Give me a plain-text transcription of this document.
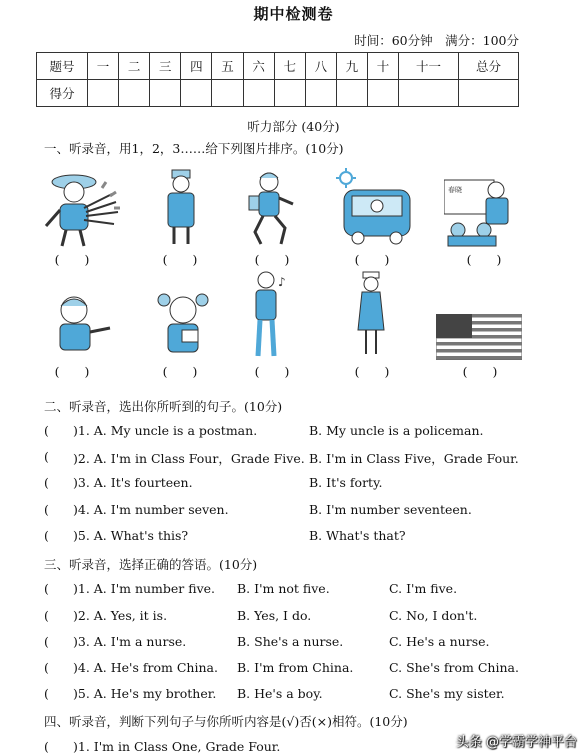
期中检测卷
时间：60分钟　满分：100分
题号	一	二	三	四	五	六	七	八	九	十	十一	总分
得分												
听力部分 (40分)
一、听录音，用1，2，3……给下列图片排序。(10分)
春晓
(　　)	(　　)	(　　)	(　　)	(　　)
♪
(　　)	(　　)	(　　)	(　　)	(　　)
二、听录音，选出你所听到的句子。(10分)
( )1. A. My uncle is a postman.	B. My uncle is a policeman.
( )2. A. I'm in Class Four，Grade Five. B. I'm in Class Five，Grade Four.
( )3. A. It's fourteen.	B. It's forty.
( )4. A. I'm number seven.	B. I'm number seventeen.
( )5. A. What's this?	B. What's that?
三、听录音，选择正确的答语。(10分)
( )1. A. I'm number five. B. I'm not five.	C. I'm five.
( )2. A. Yes, it is.	B. Yes, I do.	C. No, I don't.
( )3. A. I'm a nurse.	B. She's a nurse.	C. He's a nurse.
( )4. A. He's from China. B. I'm from China.	C. She's from China.
( )5. A. He's my brother. B. He's a boy.	C. She's my sister.
四、听录音，判断下列句子与你所听内容是(√)否(×)相符。(10分)
( )1. I'm in Class One, Grade Four.	头条 @学霸学神平台
